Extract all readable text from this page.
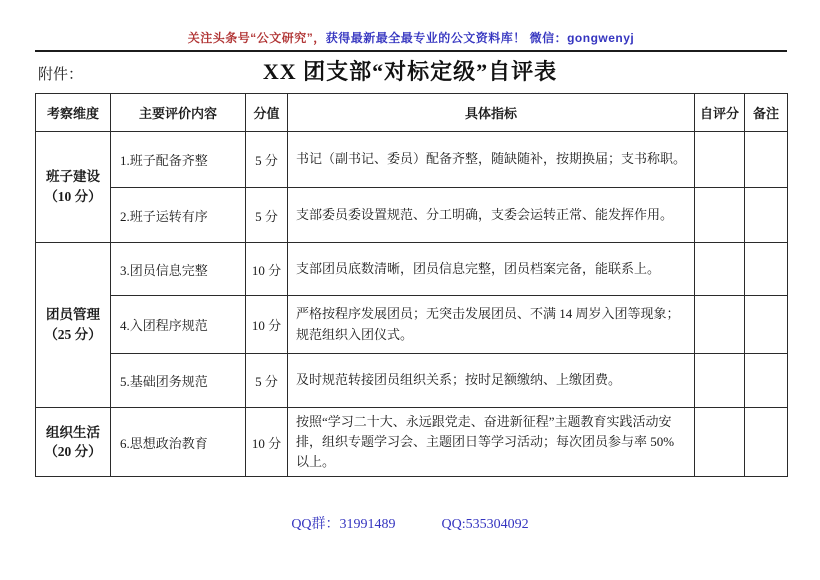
关注头条号“公文研究”，获得最新最全最专业的公文资料库！ 微信：gongwenyj
附件：	XX 团支部“对标定级”自评表
考察维度	主要评价内容	分值	具体指标	自评分	备注

班子建设
（10 分）	1.班子配备齐整	5 分	书记（副书记、委员）配备齐整，随缺随补，按期换届；支书称职。		
	2.班子运转有序	5 分	支部委员委设置规范、分工明确，支委会运转正常、能发挥作用。		

团员管理
（25 分）	3.团员信息完整	10 分	支部团员底数清晰，团员信息完整，团员档案完备，能联系上。		
	4.入团程序规范	10 分	严格按程序发展团员；无突击发展团员、不满 14 周岁入团等现象；规范组织入团仪式。		
	5.基础团务规范	5 分	及时规范转接团员组织关系；按时足额缴纳、上缴团费。		

组织生活
（20 分）	6.思想政治教育	10 分	按照“学习二十大、永远跟党走、奋进新征程”主题教育实践活动安排，组织专题学习会、主题团日等学习活动；每次团员参与率 50%以上。		
QQ群：31991489	QQ:535304092
